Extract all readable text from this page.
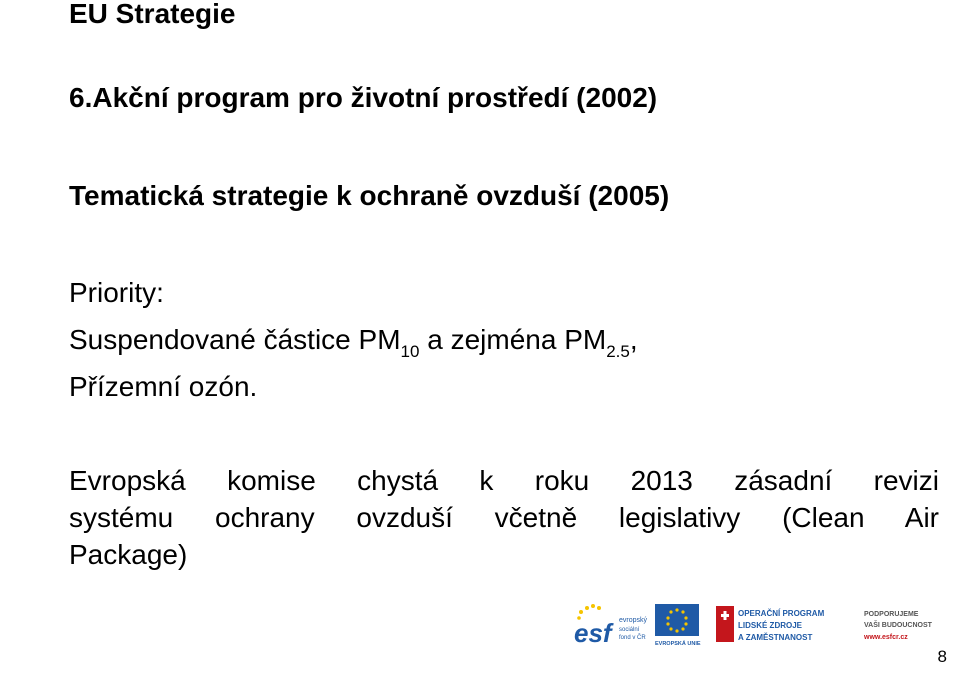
EU Strategie
6.Akční program pro životní prostředí (2002)
Tematická strategie k ochraně ovzduší (2005)
Priority:
Suspendované částice $PM_{10}$ a zejména $PM_{2.5}$,
Přízemní ozón.
Evropská komise chystá k roku 2013 zásadní revizi
systému ochrany ovzduší včetně legislativy (Clean Air
Package)
esf	evropský
sociální
fond v ČR
EVROPSKÁ UNIE
OPERAČNÍ PROGRAM
LIDSKÉ ZDROJE
A ZAMĚSTNANOST
PODPORUJEME
VAŠI BUDOUCNOST
www.esfcr.cz
8
